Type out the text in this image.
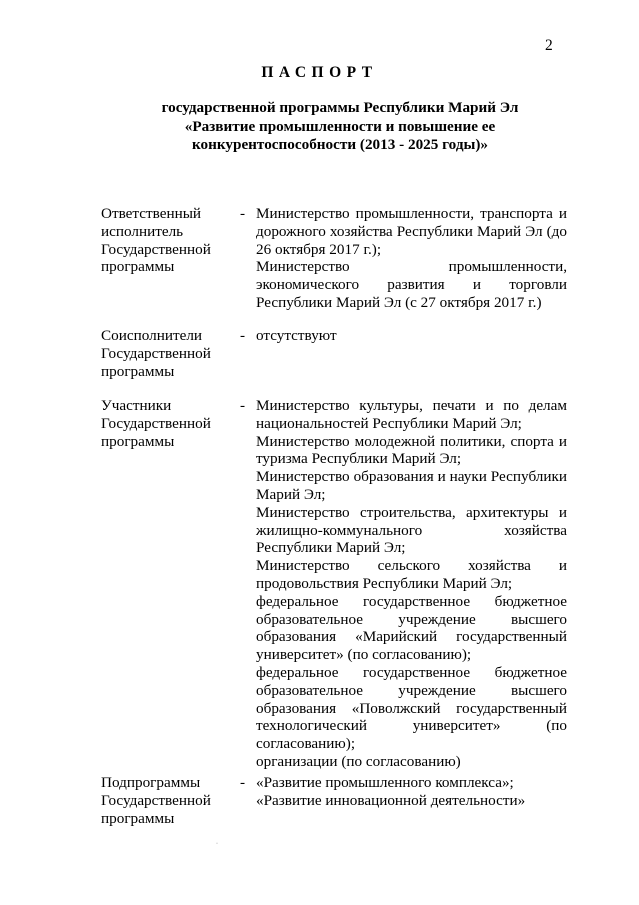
2
ПАСПОРТ
государственной программы Республики Марий Эл
«Развитие промышленности и повышение ее
конкурентоспособности (2013 - 2025 годы)»
Ответственный
исполнитель
Государственной
программы
- Министерство промышленности, транспорта и дорожного хозяйства Республики Марий Эл (до 26 октября 2017 г.);

Министерство промышленности, экономического развития и торговли Республики Марий Эл (с 27 октября 2017 г.)

Соисполнители
Государственной
программы
- отсутствуют

Участники
Государственной
программы
- Министерство культуры, печати и по делам национальностей Республики Марий Эл;

Министерство молодежной политики, спорта и туризма Республики Марий Эл;

Министерство образования и науки Республики Марий Эл;

Министерство строительства, архитектуры и жилищно-коммунального хозяйства Республики Марий Эл;

Министерство сельского хозяйства и продовольствия Республики Марий Эл;

федеральное государственное бюджетное образовательное учреждение высшего образования «Марийский государственный университет» (по согласованию);

федеральное государственное бюджетное образовательное учреждение высшего образования «Поволжский государственный технологический университет» (по согласованию);

организации (по согласованию)

Подпрограммы
Государственной
программы
- «Развитие промышленного комплекса»;

«Развитие инновационной деятельности»

·
